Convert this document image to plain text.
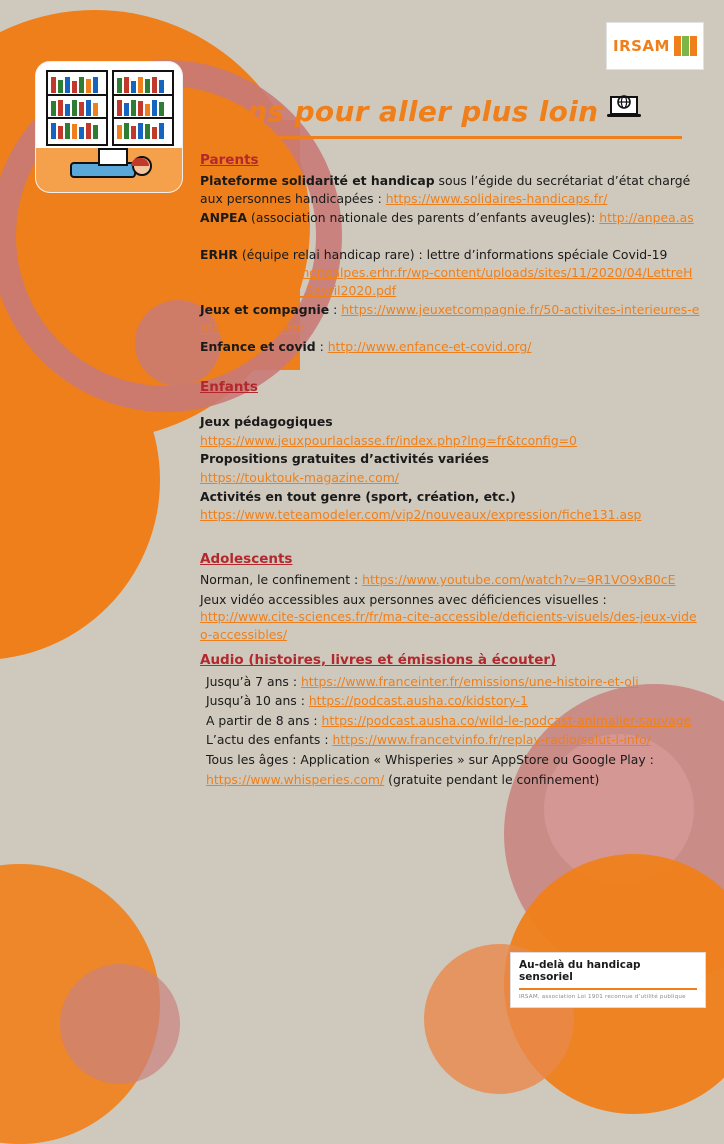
IRSAM
Liens pour aller plus loin
Parents

Plateforme solidarité et handicap sous l’égide du secrétariat d’état chargé aux personnes handicapées : https://www.solidaires-handicaps.fr/

ANPEA (association nationale des parents d’enfants aveugles): http://anpea.asso.fr/

ERHR (équipe relai handicap rare) : lettre d’informations spéciale Covid-19
http://auvergnerhonealpes.erhr.fr/wp-content/uploads/sites/11/2020/04/LettreHRinfos_Covid-19_3avril2020.pdf

Jeux et compagnie : https://www.jeuxetcompagnie.fr/50-activites-interieures-enfants-sennuient

Enfance et covid : http://www.enfance-et-covid.org/

Enfants

Jeux pédagogiques

https://www.jeuxpourlaclasse.fr/index.php?lng=fr&tconfig=0

Propositions gratuites d’activités variées

https://touktouk-magazine.com/

Activités en tout genre (sport, création, etc.)

https://www.teteamodeler.com/vip2/nouveaux/expression/fiche131.asp

Adolescents

Norman, le confinement : https://www.youtube.com/watch?v=9R1VO9xB0cE

Jeux vidéo accessibles aux personnes avec déficiences visuelles :
http://www.cite-sciences.fr/fr/ma-cite-accessible/deficients-visuels/des-jeux-video-accessibles/

Audio (histoires, livres et émissions à écouter)

Jusqu’à 7 ans : https://www.franceinter.fr/emissions/une-histoire-et-oli

Jusqu’à 10 ans : https://podcast.ausha.co/kidstory-1

A partir de 8 ans : https://podcast.ausha.co/wild-le-podcast-animalier-sauvage

L’actu des enfants : https://www.francetvinfo.fr/replay-radio/salut-l-info/

Tous les âges : Application « Whisperies » sur AppStore ou Google Play :

https://www.whisperies.com/ (gratuite pendant le confinement)

Au-delà du handicap sensoriel
IRSAM, association Loi 1901 reconnue d’utilité publique
